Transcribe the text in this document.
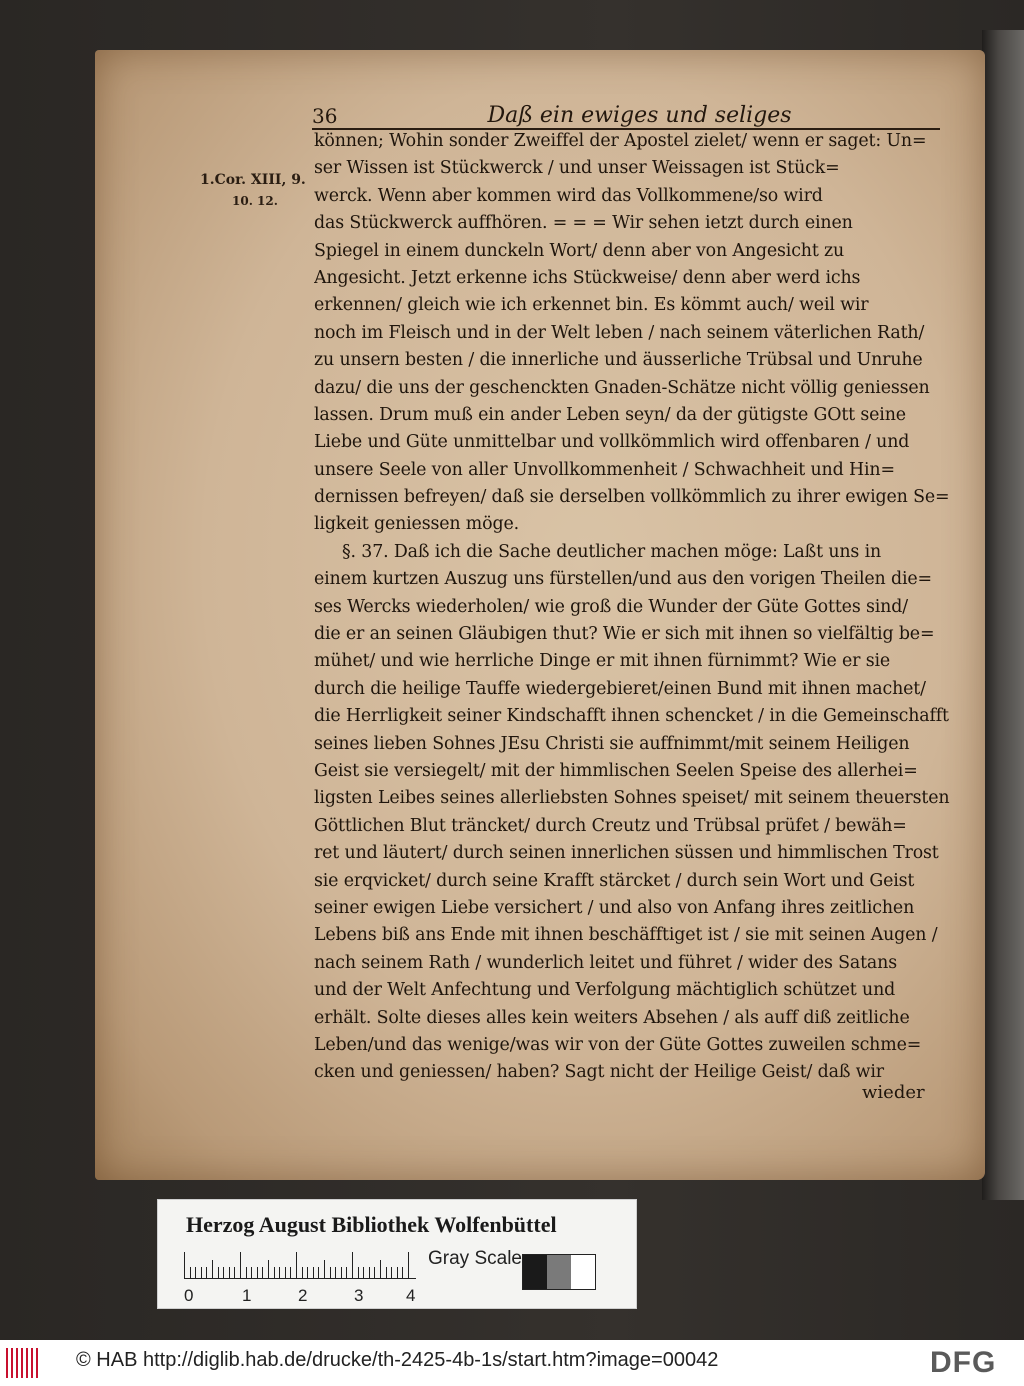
36	Daß ein ewiges und seliges
1.Cor. XIII, 9.
10. 12.
können; Wohin sonder Zweiffel der Apostel zielet/ wenn er saget: Un=
ser Wissen ist Stückwerck / und unser Weissagen ist Stück=
werck. Wenn aber kommen wird das Vollkommene/so wird
das Stückwerck auffhören. = = = Wir sehen ietzt durch einen
Spiegel in einem dunckeln Wort/ denn aber von Angesicht zu
Angesicht. Jetzt erkenne ichs Stückweise/ denn aber werd ichs
erkennen/ gleich wie ich erkennet bin. Es kömmt auch/ weil wir
noch im Fleisch und in der Welt leben / nach seinem väterlichen Rath/
zu unsern besten / die innerliche und äusserliche Trübsal und Unruhe
dazu/ die uns der geschenckten Gnaden-Schätze nicht völlig geniessen
lassen. Drum muß ein ander Leben seyn/ da der gütigste GOtt seine
Liebe und Güte unmittelbar und vollkömmlich wird offenbaren / und
unsere Seele von aller Unvollkommenheit / Schwachheit und Hin=
dernissen befreyen/ daß sie derselben vollkömmlich zu ihrer ewigen Se=
ligkeit geniessen möge.
§. 37. Daß ich die Sache deutlicher machen möge: Laßt uns in
einem kurtzen Auszug uns fürstellen/und aus den vorigen Theilen die=
ses Wercks wiederholen/ wie groß die Wunder der Güte Gottes sind/
die er an seinen Gläubigen thut? Wie er sich mit ihnen so vielfältig be=
mühet/ und wie herrliche Dinge er mit ihnen fürnimmt? Wie er sie
durch die heilige Tauffe wiedergebieret/einen Bund mit ihnen machet/
die Herrligkeit seiner Kindschafft ihnen schencket / in die Gemeinschafft
seines lieben Sohnes JEsu Christi sie auffnimmt/mit seinem Heiligen
Geist sie versiegelt/ mit der himmlischen Seelen Speise des allerhei=
ligsten Leibes seines allerliebsten Sohnes speiset/ mit seinem theuersten
Göttlichen Blut träncket/ durch Creutz und Trübsal prüfet / bewäh=
ret und läutert/ durch seinen innerlichen süssen und himmlischen Trost
sie erqvicket/ durch seine Krafft stärcket / durch sein Wort und Geist
seiner ewigen Liebe versichert / und also von Anfang ihres zeitlichen
Lebens biß ans Ende mit ihnen beschäfftiget ist / sie mit seinen Augen /
nach seinem Rath / wunderlich leitet und führet / wider des Satans
und der Welt Anfechtung und Verfolgung mächtiglich schützet und
erhält. Solte dieses alles kein weiters Absehen / als auff diß zeitliche
Leben/und das wenige/was wir von der Güte Gottes zuweilen schme=
cken und geniessen/ haben? Sagt nicht der Heilige Geist/ daß wir
wieder
Herzog August Bibliothek Wolfenbüttel
0	1	2	3	4
Gray Scale
© HAB http://diglib.hab.de/drucke/th-2425-4b-1s/start.htm?image=00042	DFG
